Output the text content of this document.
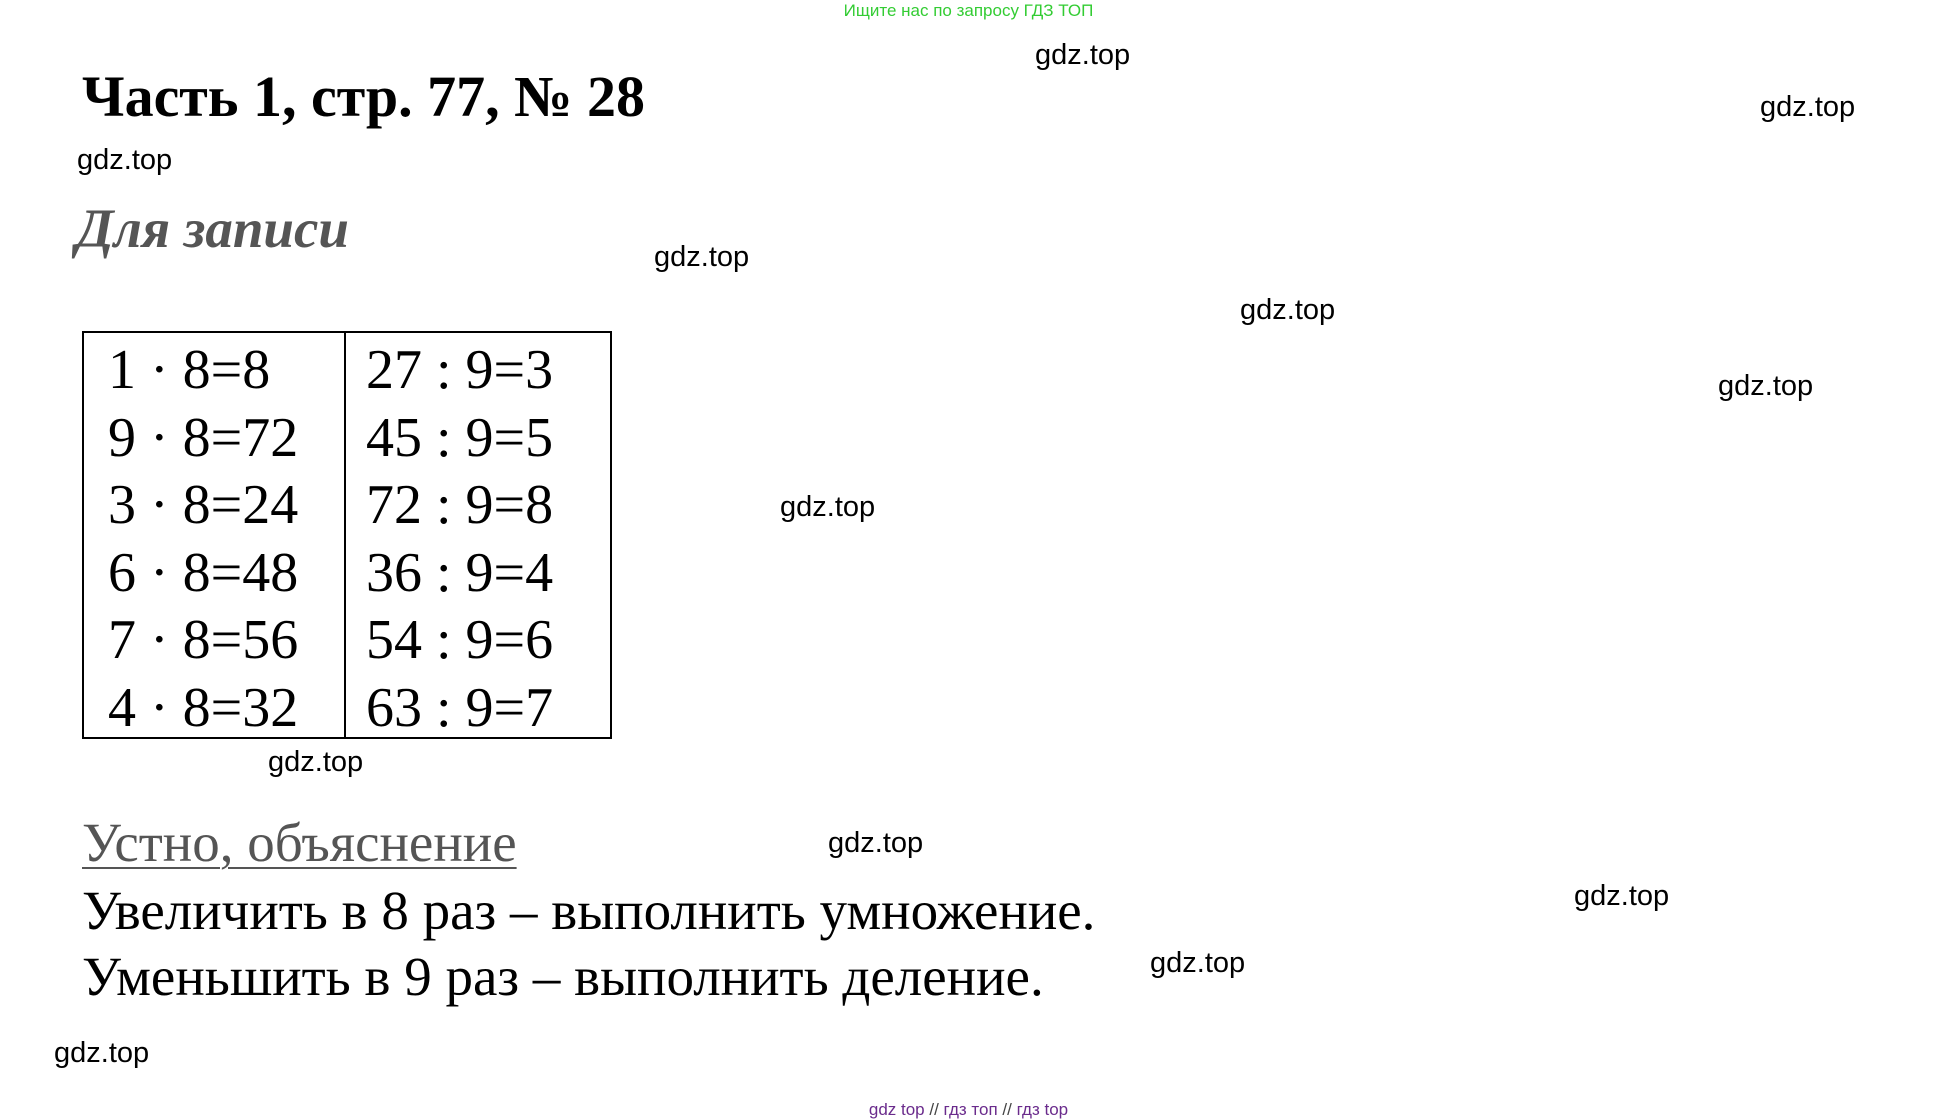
Ищите нас по запросу ГДЗ ТОП
Часть 1, стр. 77, № 28
Для записи
1 · 8=8
9 · 8=72
3 · 8=24
6 · 8=48
7 · 8=56
4 · 8=32
27 : 9=3
45 : 9=5
72 : 9=8
36 : 9=4
54 : 9=6
63 : 9=7
Устно, объяснение
Увеличить в 8 раз – выполнить умножение.
Уменьшить в 9 раз – выполнить деление.
gdz.top
gdz.top
gdz.top
gdz.top
gdz.top
gdz.top
gdz.top
gdz.top
gdz.top
gdz.top
gdz.top
gdz.top
gdz top // гдз топ // гдз top
